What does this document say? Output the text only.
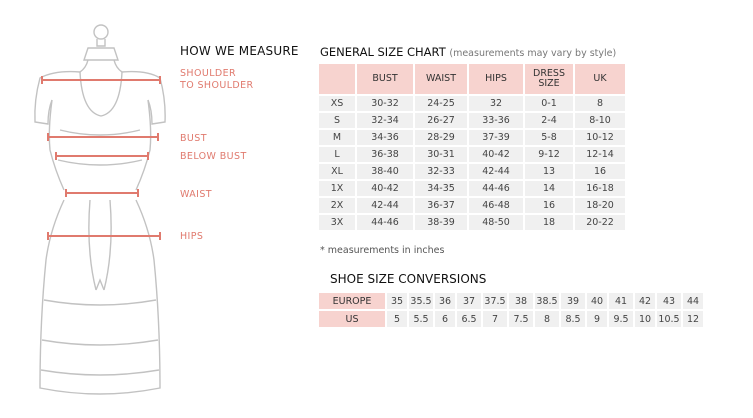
HOW WE MEASURE
SHOULDER
TO SHOULDER
BUST
BELOW BUST
WAIST
HIPS
GENERAL SIZE CHART (measurements may vary by style)
	BUST	WAIST	HIPS	DRESS SIZE	UK
XS	30-32	24-25	32	0-1	8
S	32-34	26-27	33-36	2-4	8-10
M	34-36	28-29	37-39	5-8	10-12
L	36-38	30-31	40-42	9-12	12-14
XL	38-40	32-33	42-44	13	16
1X	40-42	34-35	44-46	14	16-18
2X	42-44	36-37	46-48	16	18-20
3X	44-46	38-39	48-50	18	20-22
* measurements in inches
SHOE SIZE CONVERSIONS
EUROPE	35	35.5	36	37	37.5	38	38.5	39	40	41	42	43	44
US	5	5.5	6	6.5	7	7.5	8	8.5	9	9.5	10	10.5	12
